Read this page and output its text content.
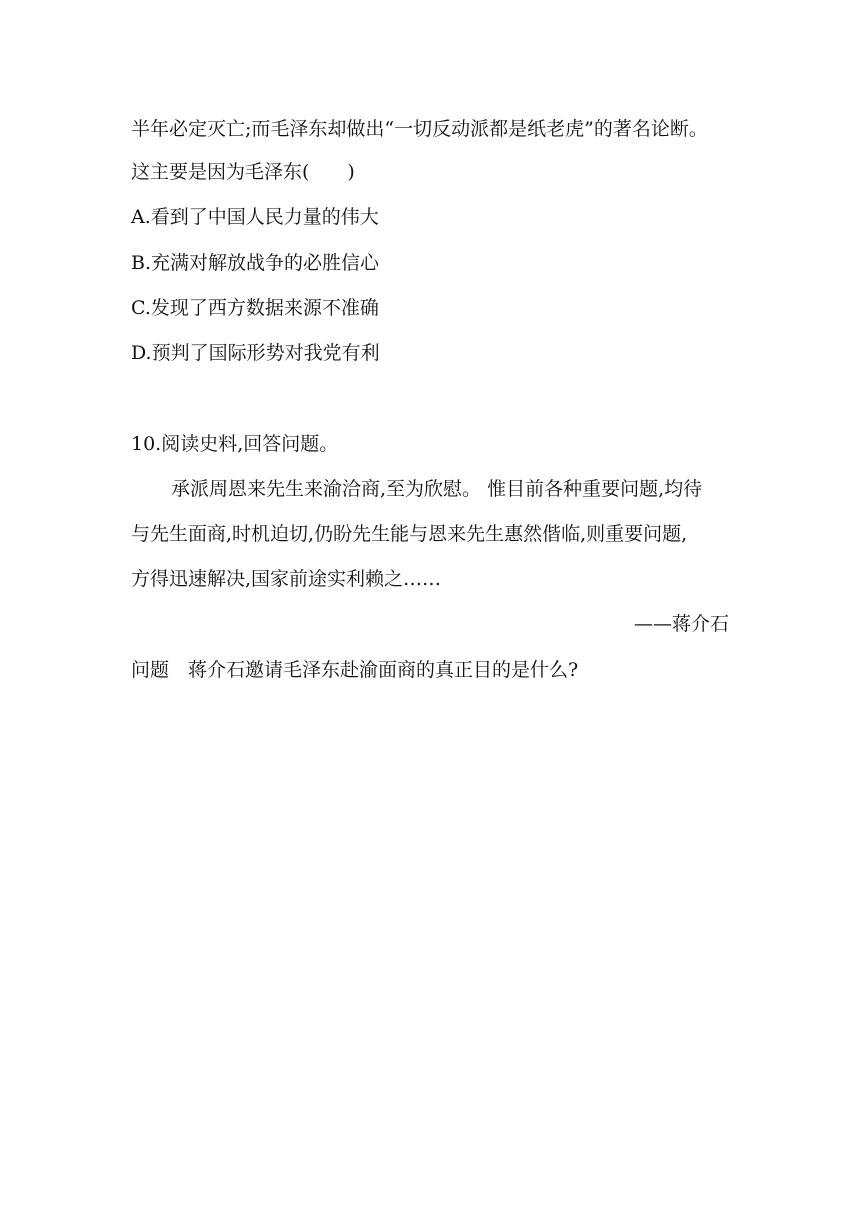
半年必定灭亡;而毛泽东却做出“一切反动派都是纸老虎”的著名论断。
这主要是因为毛泽东(　　)
A.看到了中国人民力量的伟大
B.充满对解放战争的必胜信心
C.发现了西方数据来源不准确
D.预判了国际形势对我党有利
10.阅读史料,回答问题。
承派周恩来先生来渝洽商,至为欣慰。 惟目前各种重要问题,均待
与先生面商,时机迫切,仍盼先生能与恩来先生惠然偕临,则重要问题,
方得迅速解决,国家前途实利赖之……
——蒋介石
问题　蒋介石邀请毛泽东赴渝面商的真正目的是什么?
